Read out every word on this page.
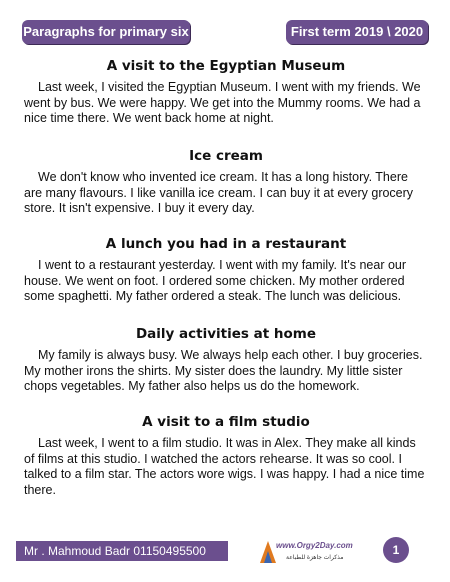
Paragraphs for primary six	First term 2019 \ 2020
A visit to the Egyptian Museum

Last week, I visited the Egyptian Museum. I went with my friends. We went by bus. We were happy. We get into the Mummy rooms. We had a nice time there. We went back home at night.

Ice cream

We don't know who invented ice cream. It has a long history. There are many flavours. I like vanilla ice cream. I can buy it at every grocery store. It isn't expensive. I buy it every day.

A lunch you had in a restaurant

I went to a restaurant yesterday. I went with my family. It's near our house. We went on foot. I ordered some chicken. My mother ordered some spaghetti. My father ordered a steak. The lunch was delicious.

Daily activities at home

My family is always busy. We always help each other. I buy groceries. My mother irons the shirts. My sister does the laundry. My little sister chops vegetables. My father also helps us do the homework.

A visit to a film studio

Last week, I went to a film studio. It was in Alex. They make all kinds of films at this studio. I watched the actors rehearse. It was so cool. I talked to a film star. The actors wore wigs. I was happy. I had a nice time there.

Mr . Mahmoud Badr 01150495500	www.Orgy2Day.com
مذكرات جاهزة للطباعة
1
